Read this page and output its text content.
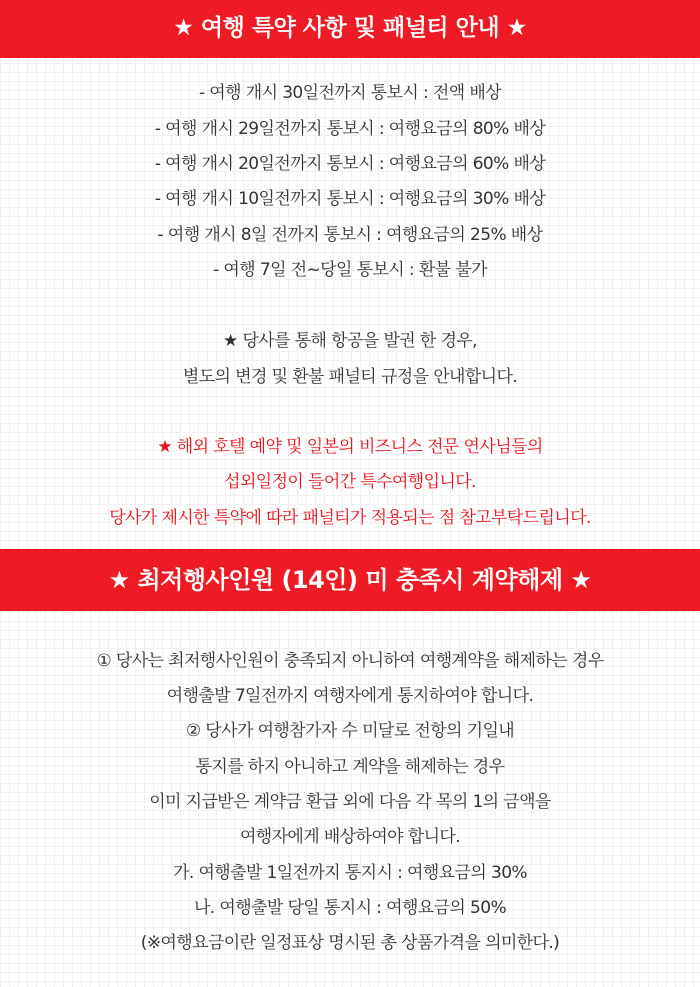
★ 여행 특약 사항 및 패널티 안내 ★
- 여행 개시 30일전까지 통보시 : 전액 배상
- 여행 개시 29일전까지 통보시 : 여행요금의 80% 배상
- 여행 개시 20일전까지 통보시 : 여행요금의 60% 배상
- 여행 개시 10일전까지 통보시 : 여행요금의 30% 배상
- 여행 개시 8일 전까지 통보시 : 여행요금의 25% 배상
- 여행 7일 전~당일 통보시 : 환불 불가
★ 당사를 통해 항공을 발권 한 경우,
별도의 변경 및 환불 패널티 규정을 안내합니다.
★ 해외 호텔 예약 및 일본의 비즈니스 전문 연사님들의
섭외일정이 들어간 특수여행입니다.
당사가 제시한 특약에 따라 패널티가 적용되는 점 참고부탁드립니다.
★ 최저행사인원 (14인) 미 충족시 계약해제 ★
① 당사는 최저행사인원이 충족되지 아니하여 여행계약을 해제하는 경우
여행출발 7일전까지 여행자에게 통지하여야 합니다.
② 당사가 여행참가자 수 미달로 전항의 기일내
통지를 하지 아니하고 계약을 해제하는 경우
이미 지급받은 계약금 환급 외에 다음 각 목의 1의 금액을
여행자에게 배상하여야 합니다.
가. 여행출발 1일전까지 통지시 : 여행요금의 30%
나. 여행출발 당일 통지시 : 여행요금의 50%
(※여행요금이란 일정표상 명시된 총 상품가격을 의미한다.)
